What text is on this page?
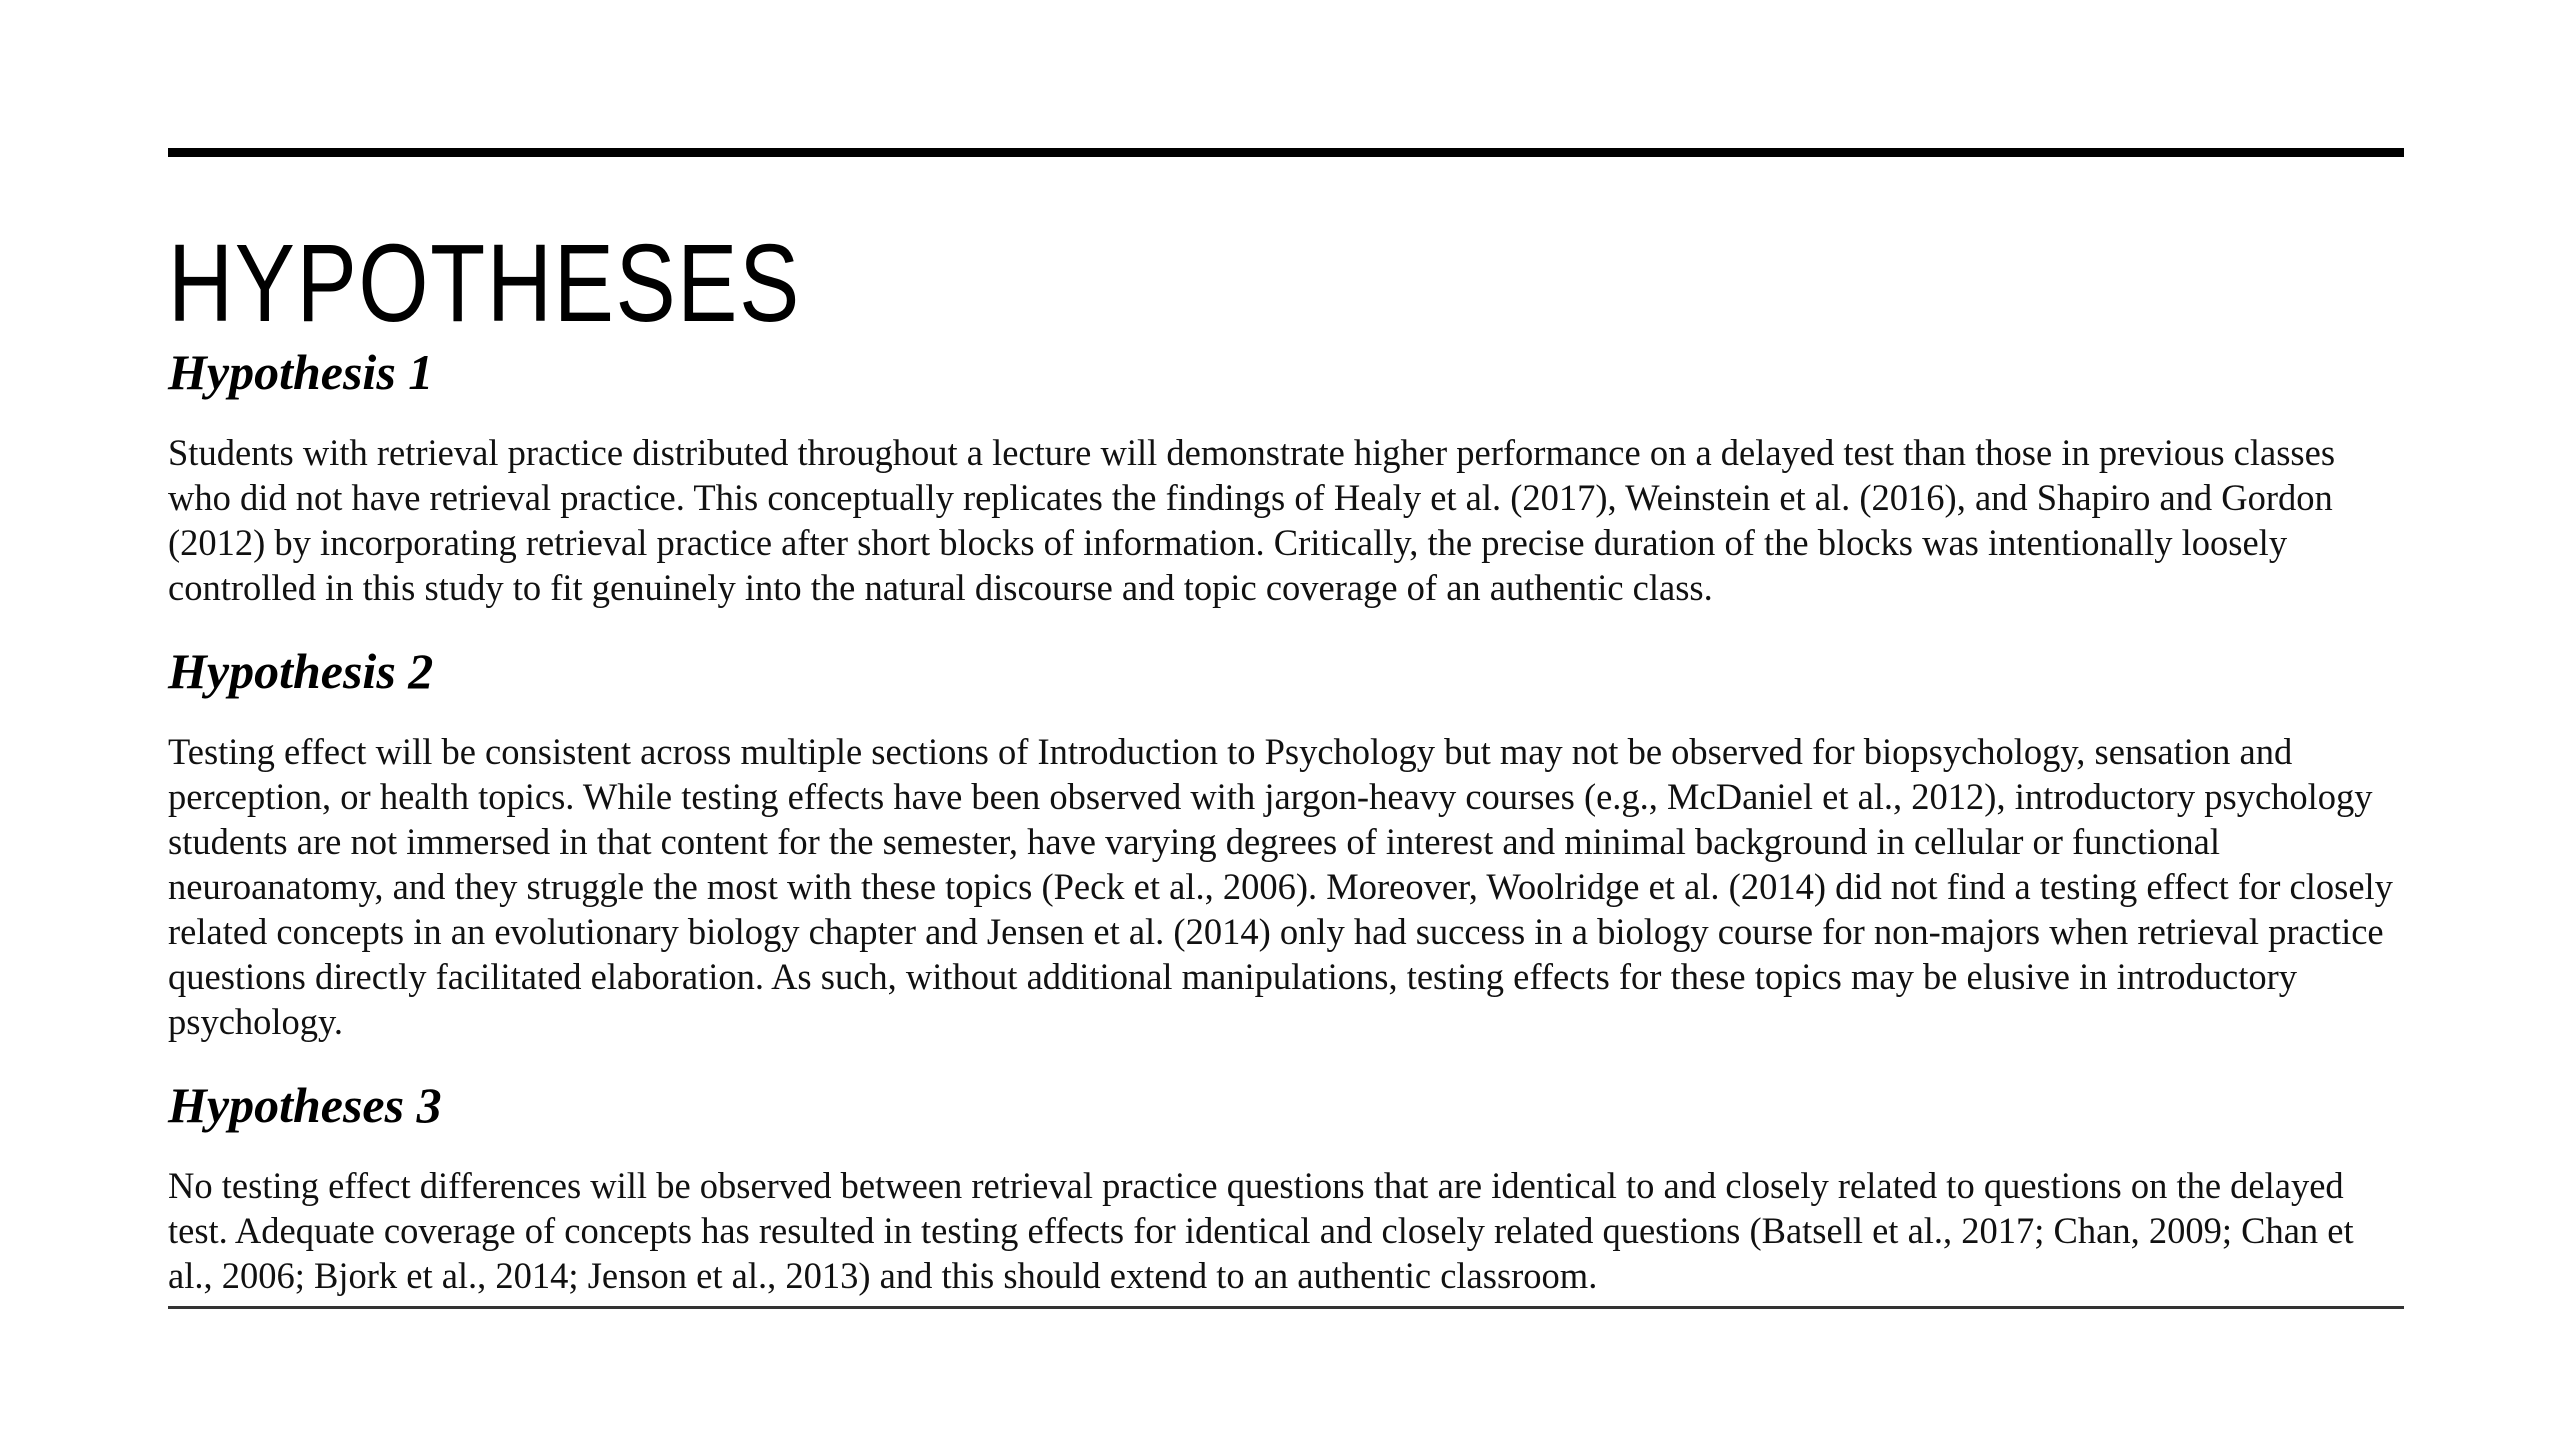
HYPOTHESES
Hypothesis 1

Students with retrieval practice distributed throughout a lecture will demonstrate higher performance on a delayed test than those in previous classes who did not have retrieval practice. This conceptually replicates the findings of Healy et al. (2017), Weinstein et al. (2016), and Shapiro and Gordon (2012) by incorporating retrieval practice after short blocks of information. Critically, the precise duration of the blocks was intentionally loosely controlled in this study to fit genuinely into the natural discourse and topic coverage of an authentic class.

Hypothesis 2

Testing effect will be consistent across multiple sections of Introduction to Psychology but may not be observed for biopsychology, sensation and perception, or health topics. While testing effects have been observed with jargon-heavy courses (e.g., McDaniel et al., 2012), introductory psychology students are not immersed in that content for the semester, have varying degrees of interest and minimal background in cellular or functional neuroanatomy, and they struggle the most with these topics (Peck et al., 2006). Moreover, Woolridge et al. (2014) did not find a testing effect for closely related concepts in an evolutionary biology chapter and Jensen et al. (2014) only had success in a biology course for non-majors when retrieval practice questions directly facilitated elaboration. As such, without additional manipulations, testing effects for these topics may be elusive in introductory psychology.

Hypotheses 3

No testing effect differences will be observed between retrieval practice questions that are identical to and closely related to questions on the delayed test. Adequate coverage of concepts has resulted in testing effects for identical and closely related questions (Batsell et al., 2017; Chan, 2009; Chan et al., 2006; Bjork et al., 2014; Jenson et al., 2013) and this should extend to an authentic classroom.
